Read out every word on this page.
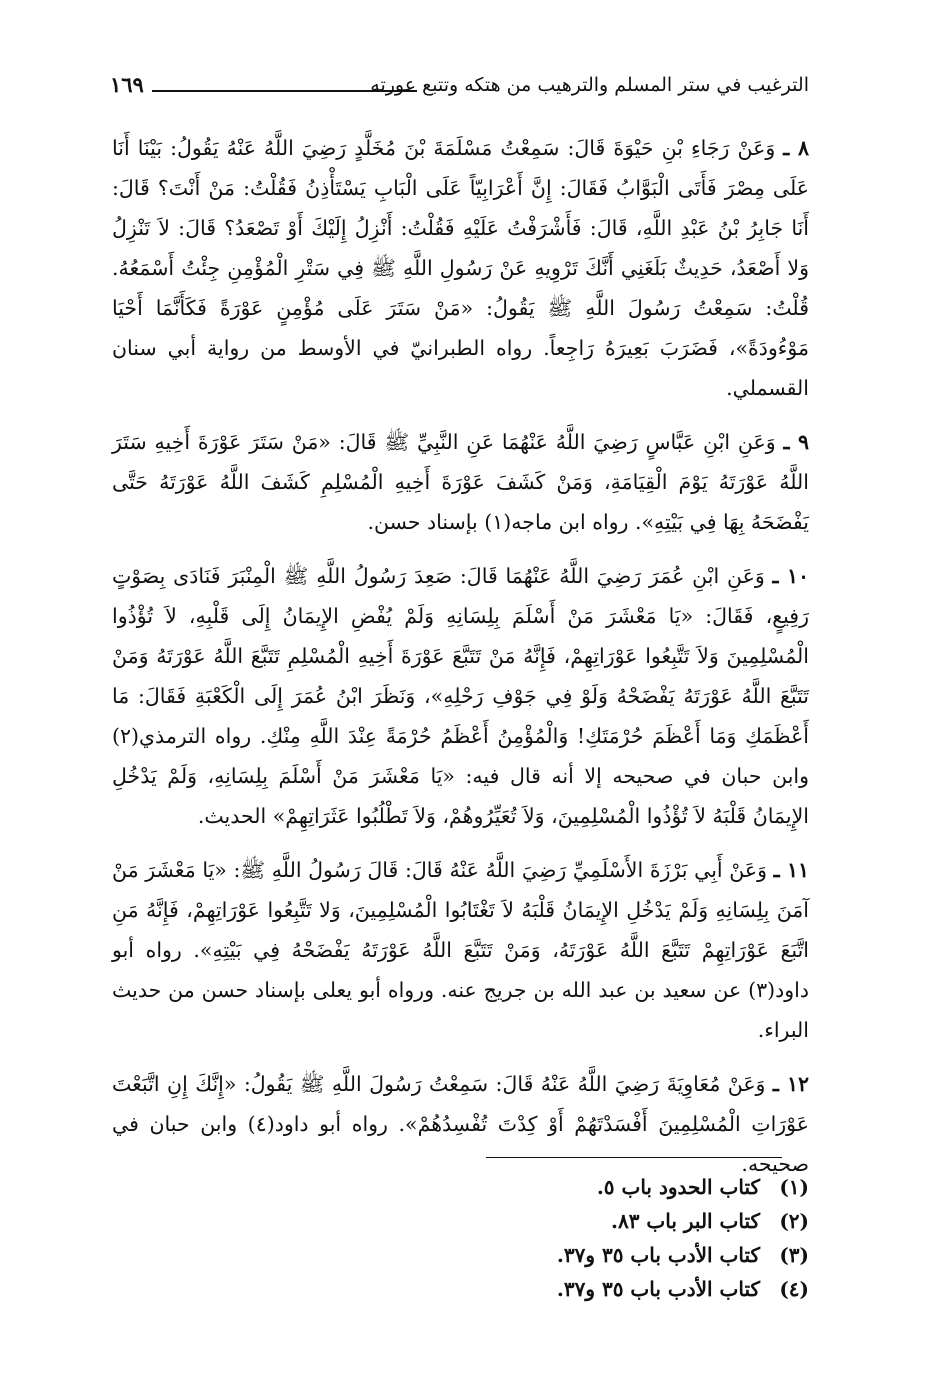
الترغيب في ستر المسلم والترهيب من هتكه وتتبع عورته
١٦٩

٨ ـ وَعَنْ رَجَاءِ بْنِ حَيْوَةَ قَالَ: سَمِعْتُ مَسْلَمَةَ بْنَ مُخَلَّدٍ رَضِيَ اللَّهُ عَنْهُ يَقُولُ: بَيْنَا أَنَا عَلَى مِصْرَ فَأَتَى الْبَوَّابُ فَقَالَ: إِنَّ أَعْرَابِيّاً عَلَى الْبَابِ يَسْتَأْذِنُ فَقُلْتُ: مَنْ أَنْتَ؟ قَالَ: أَنَا جَابِرُ بْنُ عَبْدِ اللَّهِ، قَالَ: فَأَشْرَفْتُ عَلَيْهِ فَقُلْتُ: أَنْزِلُ إِلَيْكَ أَوْ تَصْعَدُ؟ قَالَ: لاَ تَنْزِلُ وَلا أَصْعَدُ، حَدِيثٌ بَلَغَنِي أَنَّكَ تَرْوِيهِ عَنْ رَسُولِ اللَّهِ ﷺ فِي سَتْرِ الْمُؤْمِنِ جِئْتُ أَسْمَعُهُ. قُلْتُ: سَمِعْتُ رَسُولَ اللَّهِ ﷺ يَقُولُ: «مَنْ سَتَرَ عَلَى مُؤْمِنٍ عَوْرَةً فَكَأَنَّمَا أَحْيَا مَوْءُودَةً»، فَضَرَبَ بَعِيرَهُ رَاجِعاً. رواه الطبرانيّ في الأوسط من رواية أبي سنان القسملي.

٩ ـ وَعَنِ ابْنِ عَبَّاسٍ رَضِيَ اللَّهُ عَنْهُمَا عَنِ النَّبِيِّ ﷺ قَالَ: «مَنْ سَتَرَ عَوْرَةَ أَخِيهِ سَتَرَ اللَّهُ عَوْرَتَهُ يَوْمَ الْقِيَامَةِ، وَمَنْ كَشَفَ عَوْرَةَ أَخِيهِ الْمُسْلِمِ كَشَفَ اللَّهُ عَوْرَتَهُ حَتَّى يَفْضَحَهُ بِهَا فِي بَيْتِهِ». رواه ابن ماجه(١) بإسناد حسن.

١٠ ـ وَعَنِ ابْنِ عُمَرَ رَضِيَ اللَّهُ عَنْهُمَا قَالَ: صَعِدَ رَسُولُ اللَّهِ ﷺ الْمِنْبَرَ فَنَادَى بِصَوْتٍ رَفِيعٍ، فَقَالَ: «يَا مَعْشَرَ مَنْ أَسْلَمَ بِلِسَانِهِ وَلَمْ يُفْضِ الإِيمَانُ إِلَى قَلْبِهِ، لاَ تُؤْذُوا الْمُسْلِمِينَ وَلاَ تَتَّبِعُوا عَوْرَاتِهِمْ، فَإِنَّهُ مَنْ تَتَبَّعَ عَوْرَةَ أَخِيهِ الْمُسْلِمِ تَتَبَّعَ اللَّهُ عَوْرَتَهُ وَمَنْ تَتَبَّعَ اللَّهُ عَوْرَتَهُ يَفْضَحْهُ وَلَوْ فِي جَوْفِ رَحْلِهِ»، وَنَظَرَ ابْنُ عُمَرَ إِلَى الْكَعْبَةِ فَقَالَ: مَا أَعْظَمَكِ وَمَا أَعْظَمَ حُرْمَتَكِ! وَالْمُؤْمِنُ أَعْظَمُ حُرْمَةً عِنْدَ اللَّهِ مِنْكِ. رواه الترمذي(٢) وابن حبان في صحيحه إلا أنه قال فيه: «يَا مَعْشَرَ مَنْ أَسْلَمَ بِلِسَانِهِ، وَلَمْ يَدْخُلِ الإِيمَانُ قَلْبَهُ لاَ تُؤْذُوا الْمُسْلِمِينَ، وَلاَ تُعَيِّرُوهُمْ، وَلاَ تَطْلُبُوا عَثَرَاتِهِمْ» الحديث.

١١ ـ وَعَنْ أَبِي بَرْزَةَ الأَسْلَمِيِّ رَضِيَ اللَّهُ عَنْهُ قَالَ: قَالَ رَسُولُ اللَّهِ ﷺ: «يَا مَعْشَرَ مَنْ آمَنَ بِلِسَانِهِ وَلَمْ يَدْخُلِ الإِيمَانُ قَلْبَهُ لاَ تَغْتَابُوا الْمُسْلِمِينَ، وَلا تَتَّبِعُوا عَوْرَاتِهِمْ، فَإِنَّهُ مَنِ اتَّبَعَ عَوْرَاتِهِمْ تَتَبَّعَ اللَّهُ عَوْرَتَهُ، وَمَنْ تَتَبَّعَ اللَّهُ عَوْرَتَهُ يَفْضَحْهُ فِي بَيْتِهِ». رواه أبو داود(٣) عن سعيد بن عبد الله بن جريج عنه. ورواه أبو يعلى بإسناد حسن من حديث البراء.

١٢ ـ وَعَنْ مُعَاوِيَةَ رَضِيَ اللَّهُ عَنْهُ قَالَ: سَمِعْتُ رَسُولَ اللَّهِ ﷺ يَقُولُ: «إِنَّكَ إِنِ اتَّبَعْتَ عَوْرَاتِ الْمُسْلِمِينَ أَفْسَدْتَهُمْ أَوْ كِدْتَ تُفْسِدُهُمْ». رواه أبو داود(٤) وابن حبان في صحيحه.

(١) كتاب الحدود باب ٥.
(٢) كتاب البر باب ٨٣.
(٣) كتاب الأدب باب ٣٥ و٣٧.
(٤) كتاب الأدب باب ٣٥ و٣٧.
